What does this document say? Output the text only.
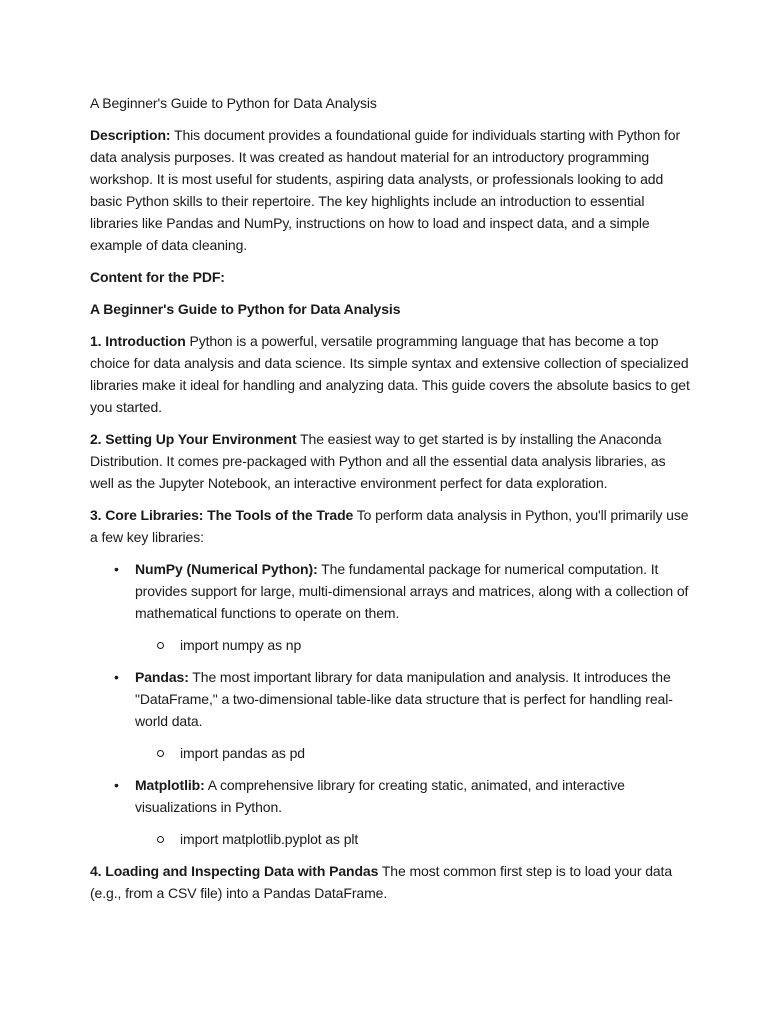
A Beginner's Guide to Python for Data Analysis

Description: This document provides a foundational guide for individuals starting with Python for data analysis purposes. It was created as handout material for an introductory programming workshop. It is most useful for students, aspiring data analysts, or professionals looking to add basic Python skills to their repertoire. The key highlights include an introduction to essential libraries like Pandas and NumPy, instructions on how to load and inspect data, and a simple example of data cleaning.

Content for the PDF:

A Beginner's Guide to Python for Data Analysis

1. Introduction Python is a powerful, versatile programming language that has become a top choice for data analysis and data science. Its simple syntax and extensive collection of specialized libraries make it ideal for handling and analyzing data. This guide covers the absolute basics to get you started.

2. Setting Up Your Environment The easiest way to get started is by installing the Anaconda Distribution. It comes pre-packaged with Python and all the essential data analysis libraries, as well as the Jupyter Notebook, an interactive environment perfect for data exploration.

3. Core Libraries: The Tools of the Trade To perform data analysis in Python, you'll primarily use a few key libraries:

• NumPy (Numerical Python): The fundamental package for numerical computation. It provides support for large, multi-dimensional arrays and matrices, along with a collection of mathematical functions to operate on them.
import numpy as np
• Pandas: The most important library for data manipulation and analysis. It introduces the "DataFrame," a two-dimensional table-like data structure that is perfect for handling real-world data.
import pandas as pd
• Matplotlib: A comprehensive library for creating static, animated, and interactive visualizations in Python.
import matplotlib.pyplot as plt

4. Loading and Inspecting Data with Pandas The most common first step is to load your data (e.g., from a CSV file) into a Pandas DataFrame.
